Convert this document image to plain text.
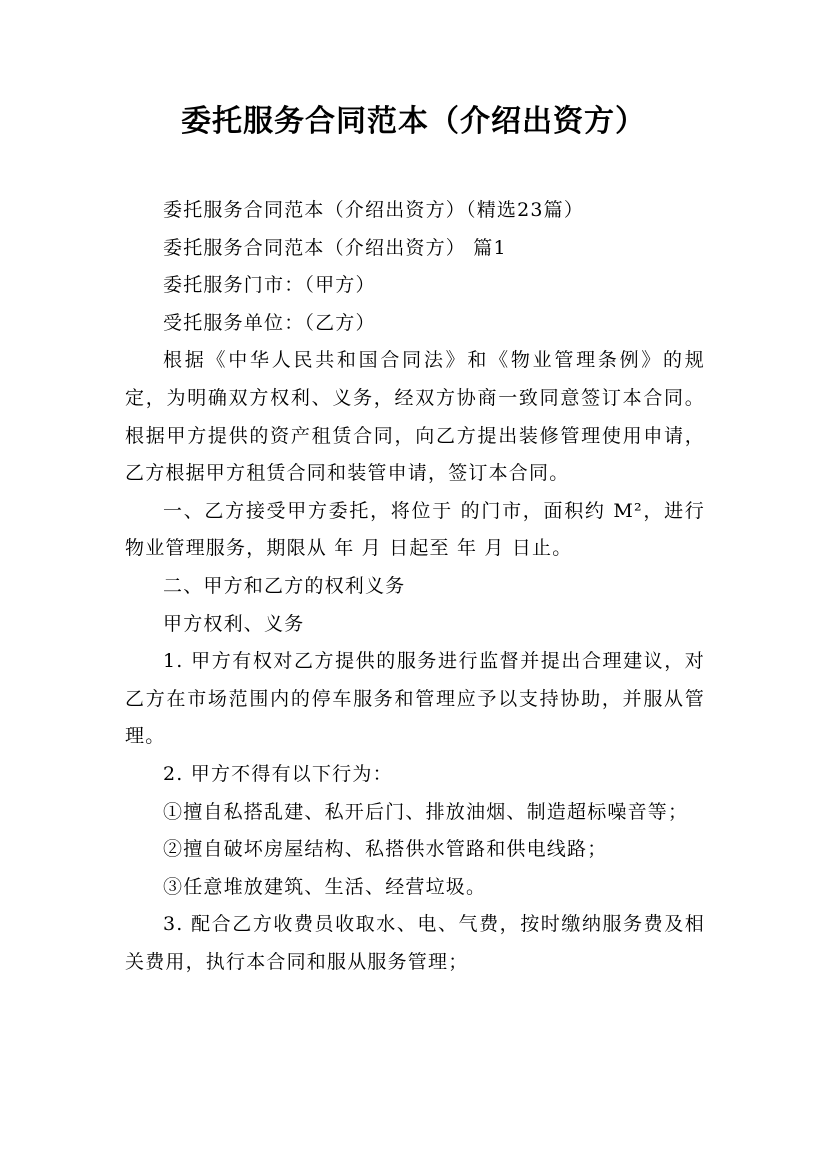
委托服务合同范本（介绍出资方）

委托服务合同范本（介绍出资方）（精选23篇）

委托服务合同范本（介绍出资方） 篇1

委托服务门市：（甲方）

受托服务单位：（乙方）

根据《中华人民共和国合同法》和《物业管理条例》的规定，为明确双方权利、义务，经双方协商一致同意签订本合同。根据甲方提供的资产租赁合同，向乙方提出装修管理使用申请，乙方根据甲方租赁合同和装管申请，签订本合同。

一、乙方接受甲方委托，将位于 的门市，面积约 M²，进行物业管理服务，期限从 年 月 日起至 年 月 日止。

二、甲方和乙方的权利义务

甲方权利、义务

1. 甲方有权对乙方提供的服务进行监督并提出合理建议，对乙方在市场范围内的停车服务和管理应予以支持协助，并服从管理。

2. 甲方不得有以下行为：

①擅自私搭乱建、私开后门、排放油烟、制造超标噪音等；

②擅自破坏房屋结构、私搭供水管路和供电线路；

③任意堆放建筑、生活、经营垃圾。

3. 配合乙方收费员收取水、电、气费，按时缴纳服务费及相关费用，执行本合同和服从服务管理；
